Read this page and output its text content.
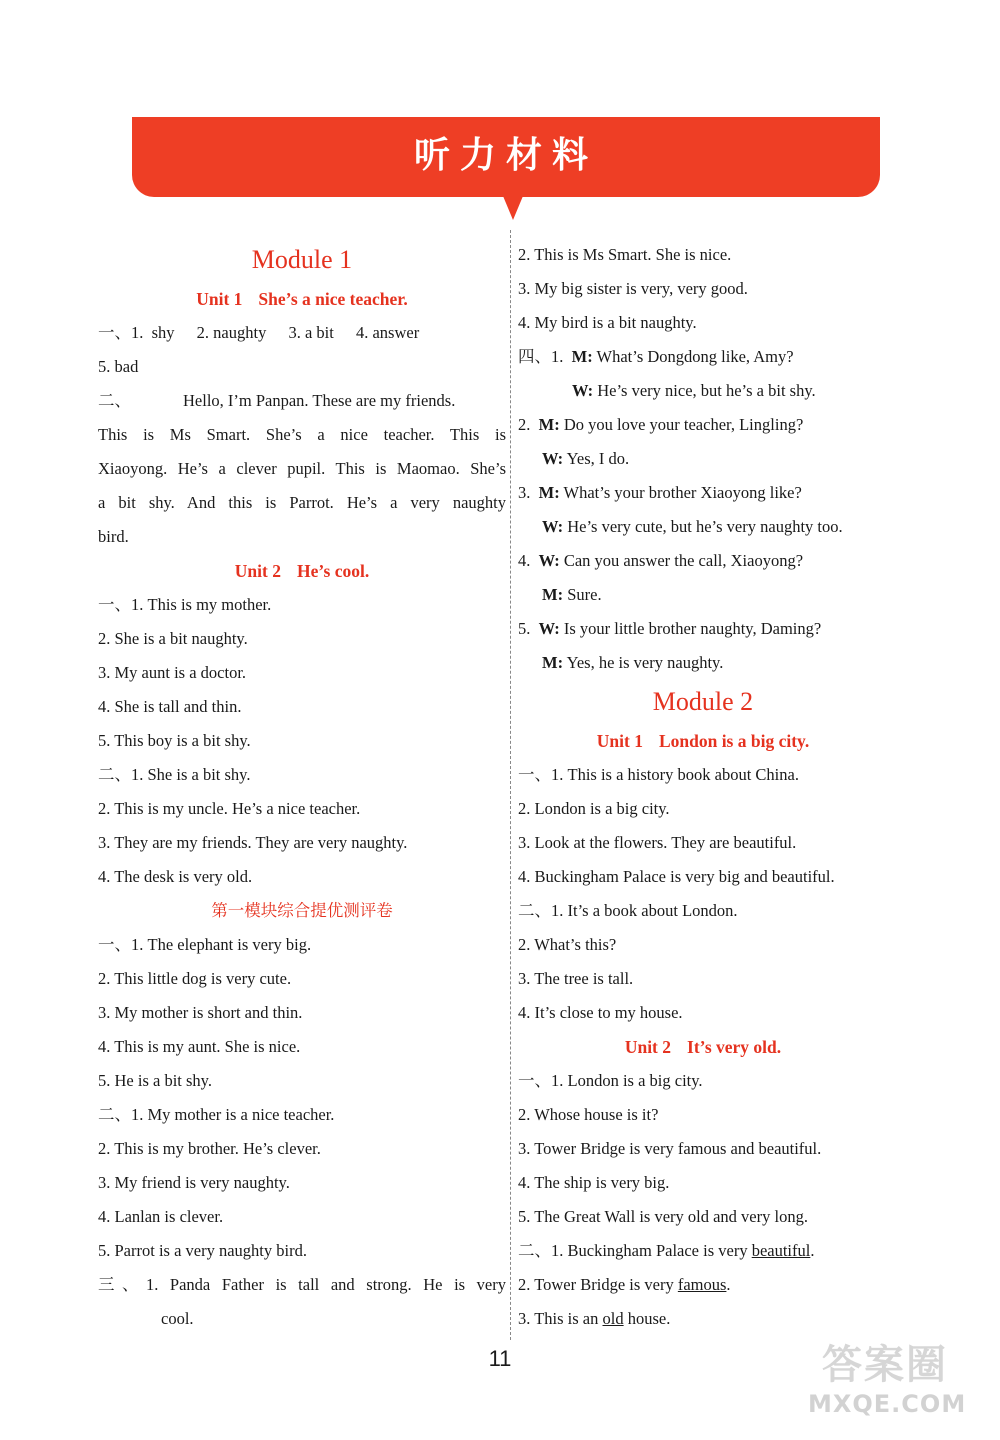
听力材料
Module 1
Unit 1 She’s a nice teacher.
一、1. shy 2. naughty 3. a bit 4. answer
5. bad
二、	Hello, I’m Panpan. These are my friends.
This is Ms Smart. She’s a nice teacher. This is
Xiaoyong. He’s a clever pupil. This is Maomao. She’s
a bit shy. And this is Parrot. He’s a very naughty
bird.
Unit 2 He’s cool.
一、1. This is my mother.
2. She is a bit naughty.
3. My aunt is a doctor.
4. She is tall and thin.
5. This boy is a bit shy.
二、1. She is a bit shy.
2. This is my uncle. He’s a nice teacher.
3. They are my friends. They are very naughty.
4. The desk is very old.
第一模块综合提优测评卷
一、1. The elephant is very big.
2. This little dog is very cute.
3. My mother is short and thin.
4. This is my aunt. She is nice.
5. He is a bit shy.
二、1. My mother is a nice teacher.
2. This is my brother. He’s clever.
3. My friend is very naughty.
4. Lanlan is clever.
5. Parrot is a very naughty bird.
三、1. Panda Father is tall and strong. He is very
cool.
2. This is Ms Smart. She is nice.
3. My big sister is very, very good.
4. My bird is a bit naughty.
四、1. M: What’s Dongdong like, Amy?
W: He’s very nice, but he’s a bit shy.
2. M: Do you love your teacher, Lingling?
W: Yes, I do.
3. M: What’s your brother Xiaoyong like?
W: He’s very cute, but he’s very naughty too.
4. W: Can you answer the call, Xiaoyong?
M: Sure.
5. W: Is your little brother naughty, Daming?
M: Yes, he is very naughty.
Module 2
Unit 1 London is a big city.
一、1. This is a history book about China.
2. London is a big city.
3. Look at the flowers. They are beautiful.
4. Buckingham Palace is very big and beautiful.
二、1. It’s a book about London.
2. What’s this?
3. The tree is tall.
4. It’s close to my house.
Unit 2 It’s very old.
一、1. London is a big city.
2. Whose house is it?
3. Tower Bridge is very famous and beautiful.
4. The ship is very big.
5. The Great Wall is very old and very long.
二、1. Buckingham Palace is very beautiful.
2. Tower Bridge is very famous.
3. This is an old house.
11	答案圈
MXQE.COM
